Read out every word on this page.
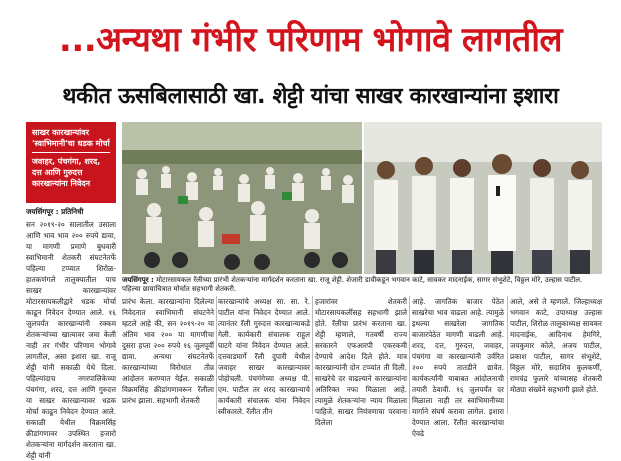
...अन्यथा गंभीर परिणाम भोगावे लागतील
थकीत ऊसबिलासाठी खा. शेट्टी यांचा साखर कारखान्यांना इशारा
साखर कारखान्यांवर 'स्वाभिमानी'चा धडक मोर्चा
जवाहर, पंचगंगा, शरद, दत्त आणि गुरुदत्त कारखान्यांना निवेदन
जयसिंगपूर : प्रतिनिधी
सन २०१९-२० सालातील उसाला आणि भाव भाव २०० रुपये द्यावा, या मागणी प्रमाणे बुधवारी स्वाभिमानी शेतकरी संघटनेतर्फे पहिल्या टप्प्यात शिरोळ-हातकणंगले तालुक्यातील पाच साखर कारखान्यांवर मोटारसायकलीद्वारे धडक मोर्चा काढून निवेदन देण्यात आले. १६ जुलपर्यंत कारखान्यांनी रक्कम शेतकऱ्यांच्या खात्यावर जमा केली नाही तर गंभीर परिणाम भोगावे लागतील, असा इशारा खा. राजू शेट्टी यांनी सकाळी येथे दिला. पहिल्यांदाच नगरपालिकेच्या पंचगंगा, शरद, दत्त आणि गुरुदत्त या साखर कारखान्यावर धडक मोर्चा काढून निवेदन देण्यात आले. सकाळी येथील विक्रमसिंह क्रीडांगणावर उपस्थित हजारो शेतकऱ्यांना मार्गदर्शन करताना खा. शेट्टी यांनी
जयसिंगपूर : मोटारसायकल रॅलीच्या प्रारंभी शेतकऱ्यांना मार्गदर्शन करताना खा. राजू शेट्टी. शेजारी डावीकडून भगवान काटे, सावकर मादनाईक, सागर संभूशेटे, विठ्ठल मोरे, उल्हास पाटील. पहिल्या छायाचित्रात मोर्चात सहभागी शेतकरी.
प्रारंभ केला. कारखान्यांना दिलेल्या निवेदनात स्वाभिमानी संघटनेने म्हटले आहे की, सन २०१९-२० या अंतिम भाव २०० या मागणीचा दुसरा हप्ता २०० रुपये १६ जुलपूर्वी द्यावा. अन्यथा संघटनेतर्फे कारखान्यांच्या विरोधात तीव्र आंदोलन करण्यात येईल. सकाळी विक्रमसिंह क्रीडांगणावरून रॅलीला प्रारंभ झाला. सहभागी शेतकरी
कारखान्यांचे अध्यक्ष सा. सा. रे. पाटील यांना निवेदन देण्यात आले. त्यानंतर रॅली गुरुदत्त कारखान्याकडे गेली. कार्यकारी संचालक राहुल घाटगे यांना निवेदन देण्यात आले. दत्तवाडमार्गे रॅली दुपारी येथील जवाहर साखर कारखान्यावर पोहोचली. पंचगंगेच्या अध्यक्ष पी. एम. पाटील तर शरद कारखान्याचे कार्यकारी संचालक यांना निवेदन स्वीकारले. रॅलीत तीन
हजारांवर शेतकरी मोटारसायकलींसह सहभागी झाले होते. रॅलीचा प्रारंभ करताना खा. शेट्टी म्हणाले, गतवर्षी राज्य सरकारने एफआरपी एकरकमी देण्याचे आदेश दिले होते. मात्र कारखान्यांनी दोन टप्प्यांत ती दिली. साखरेचे दर वाढल्याने कारखान्यांना अतिरिक्त नफा मिळाला आहे. त्यामुळे शेतकऱ्यांना न्याय मिळाला पाहिजे. साखर नियंत्रणाचा परवाना दिलेला
आहे. जागतिक बाजार पेठेत साखरेचा भाव वाढला आहे. त्यामुळे इथल्या साखरेला जागतिक बाजारपेठेत मागणी वाढली आहे. शरद, दत्त, गुरुदत्त, जवाहर, पंचगंगा या कारखान्यांनी उर्वरित २०० रुपये तातडीने द्यावेत. कार्यकर्त्यांनी याबाबत आंदोलनाची तयारी ठेवावी. १६ जुलपर्यंत दर मिळाला नाही तर स्वाभिमानीच्या मार्गाने संघर्ष करावा लागेल. इशारा देण्यात आला. रॅलीत कारखान्यांचा ऐवढे
आले, असे ते म्हणाले. जिल्हाध्यक्ष भगवान काटे, उपाध्यक्ष उल्हास पाटील, शिरोळ तालुकाध्यक्ष सावकर मादनाईक, आदिनाथ हेमगिरे, जयकुमार कोले, अजय पाटील, प्रकाश पाटील, सागर संभूशेटे, विठ्ठल मोरे, सदाशिव कुलकर्णी, रामचंद्र फुलारे यांच्यासह शेतकरी मोठ्या संख्येने सहभागी झाले होते.
